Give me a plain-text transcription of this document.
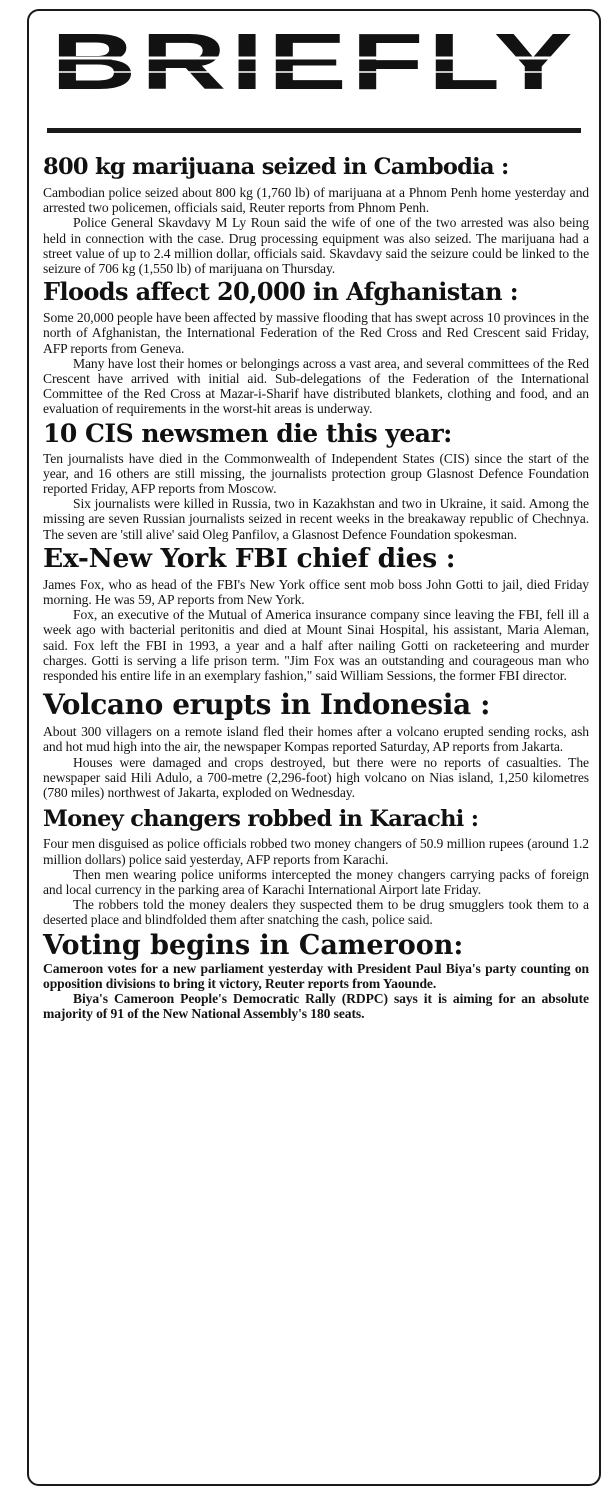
BRIEFLY
800 kg marijuana seized in Cambodia :

Cambodian police seized about 800 kg (1,760 lb) of marijuana at a Phnom Penh home yesterday and arrested two policemen, officials said, Reuter reports from Phnom Penh.

Police General Skavdavy M Ly Roun said the wife of one of the two arrested was also being held in connection with the case. Drug processing equipment was also seized. The marijuana had a street value of up to 2.4 million dollar, officials said. Skavdavy said the seizure could be linked to the seizure of 706 kg (1,550 lb) of marijuana on Thursday.

Floods affect 20,000 in Afghanistan :

Some 20,000 people have been affected by massive flooding that has swept across 10 provinces in the north of Afghanistan, the International Federation of the Red Cross and Red Crescent said Friday, AFP reports from Geneva.

Many have lost their homes or belongings across a vast area, and several committees of the Red Crescent have arrived with initial aid. Sub-delegations of the Federation of the International Committee of the Red Cross at Mazar-i-Sharif have distributed blankets, clothing and food, and an evaluation of requirements in the worst-hit areas is underway.

10 CIS newsmen die this year:

Ten journalists have died in the Commonwealth of Independent States (CIS) since the start of the year, and 16 others are still missing, the journalists protection group Glasnost Defence Foundation reported Friday, AFP reports from Moscow.

Six journalists were killed in Russia, two in Kazakhstan and two in Ukraine, it said. Among the missing are seven Russian journalists seized in recent weeks in the breakaway republic of Chechnya. The seven are 'still alive' said Oleg Panfilov, a Glasnost Defence Foundation spokesman.

Ex-New York FBI chief dies :

James Fox, who as head of the FBI's New York office sent mob boss John Gotti to jail, died Friday morning. He was 59, AP reports from New York.

Fox, an executive of the Mutual of America insurance company since leaving the FBI, fell ill a week ago with bacterial peritonitis and died at Mount Sinai Hospital, his assistant, Maria Aleman, said. Fox left the FBI in 1993, a year and a half after nailing Gotti on racketeering and murder charges. Gotti is serving a life prison term. "Jim Fox was an outstanding and courageous man who responded his entire life in an exemplary fashion," said William Sessions, the former FBI director.

Volcano erupts in Indonesia :

About 300 villagers on a remote island fled their homes after a volcano erupted sending rocks, ash and hot mud high into the air, the newspaper Kompas reported Saturday, AP reports from Jakarta.

Houses were damaged and crops destroyed, but there were no reports of casualties. The newspaper said Hili Adulo, a 700-metre (2,296-foot) high volcano on Nias island, 1,250 kilometres (780 miles) northwest of Jakarta, exploded on Wednesday.

Money changers robbed in Karachi :

Four men disguised as police officials robbed two money changers of 50.9 million rupees (around 1.2 million dollars) police said yesterday, AFP reports from Karachi.

Then men wearing police uniforms intercepted the money changers carrying packs of foreign and local currency in the parking area of Karachi International Airport late Friday.

The robbers told the money dealers they suspected them to be drug smugglers took them to a deserted place and blindfolded them after snatching the cash, police said.

Voting begins in Cameroon:

Cameroon votes for a new parliament yesterday with President Paul Biya's party counting on opposition divisions to bring it victory, Reuter reports from Yaounde.

Biya's Cameroon People's Democratic Rally (RDPC) says it is aiming for an absolute majority of 91 of the New National Assembly's 180 seats.
